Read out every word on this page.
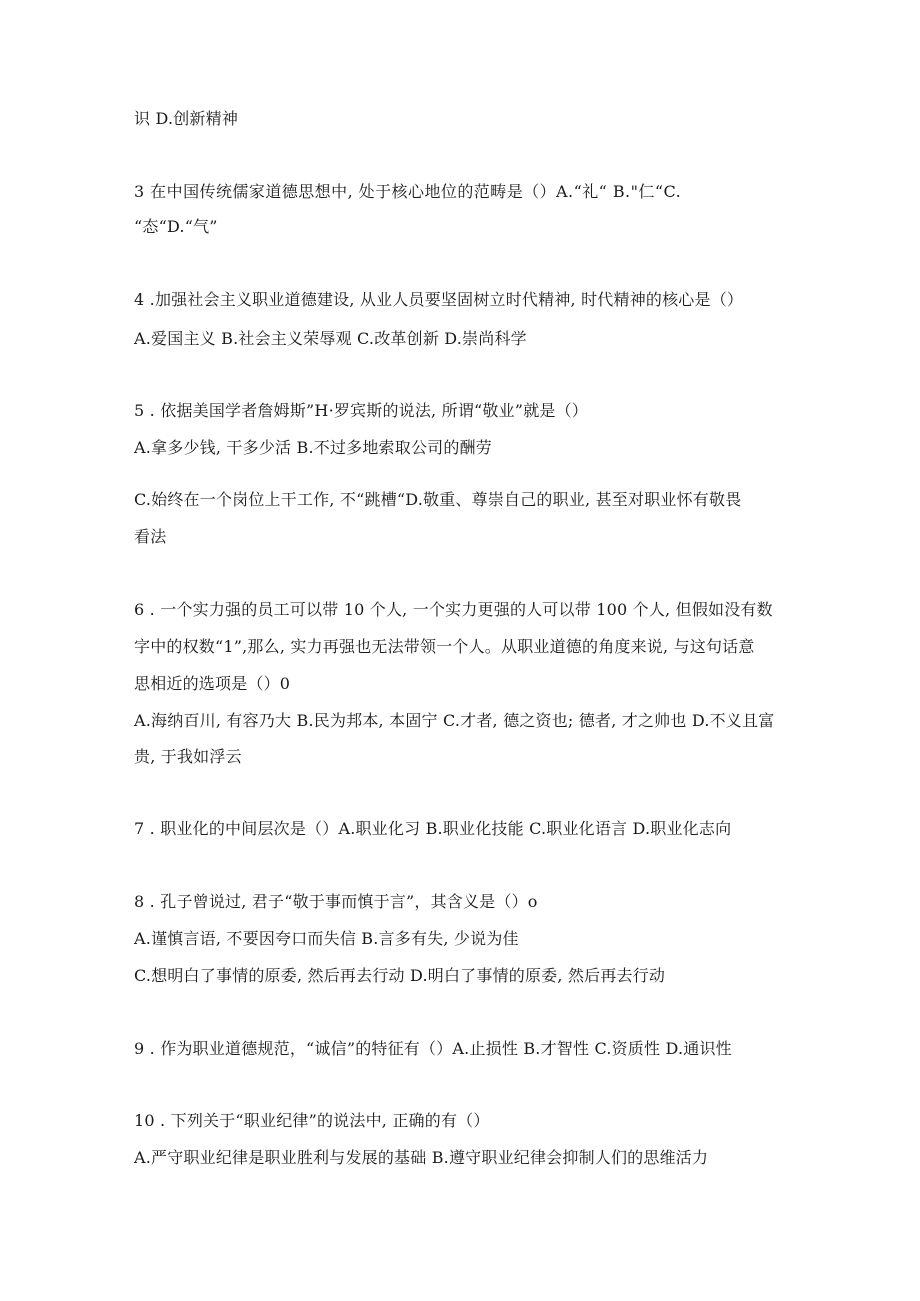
识 D.创新精神
3 在中国传统儒家道德思想中, 处于核心地位的范畴是（）A.“礼“ B."仁“C.
“态“D.“气”
4 .加强社会主义职业道德建设, 从业人员要坚固树立时代精神, 时代精神的核心是（）
A.爱国主义 B.社会主义荣辱观 C.改革创新 D.崇尚科学
5 . 依据美国学者詹姆斯”H·罗宾斯的说法, 所谓“敬业”就是（）
A.拿多少钱, 干多少活 B.不过多地索取公司的酬劳
C.始终在一个岗位上干工作, 不“跳槽“D.敬重、尊崇自己的职业, 甚至对职业怀有敬畏
看法
6 . 一个实力强的员工可以带 10 个人, 一个实力更强的人可以带 100 个人, 但假如没有数
字中的权数“1”,那么, 实力再强也无法带领一个人。从职业道德的角度来说, 与这句话意
思相近的选项是（）0
A.海纳百川, 有容乃大 B.民为邦本, 本固宁 C.才者, 德之资也; 德者, 才之帅也 D.不义且富
贵, 于我如浮云
7 . 职业化的中间层次是（）A.职业化习 B.职业化技能 C.职业化语言 D.职业化志向
8 . 孔子曾说过, 君子“敬于事而慎于言”，其含义是（）o
A.谨慎言语, 不要因夸口而失信 B.言多有失, 少说为佳
C.想明白了事情的原委, 然后再去行动 D.明白了事情的原委, 然后再去行动
9 . 作为职业道德规范，“诚信”的特征有（）A.止损性 B.才智性 C.资质性 D.通识性
10 . 下列关于“职业纪律”的说法中, 正确的有（）
A.严守职业纪律是职业胜利与发展的基础 B.遵守职业纪律会抑制人们的思维活力
